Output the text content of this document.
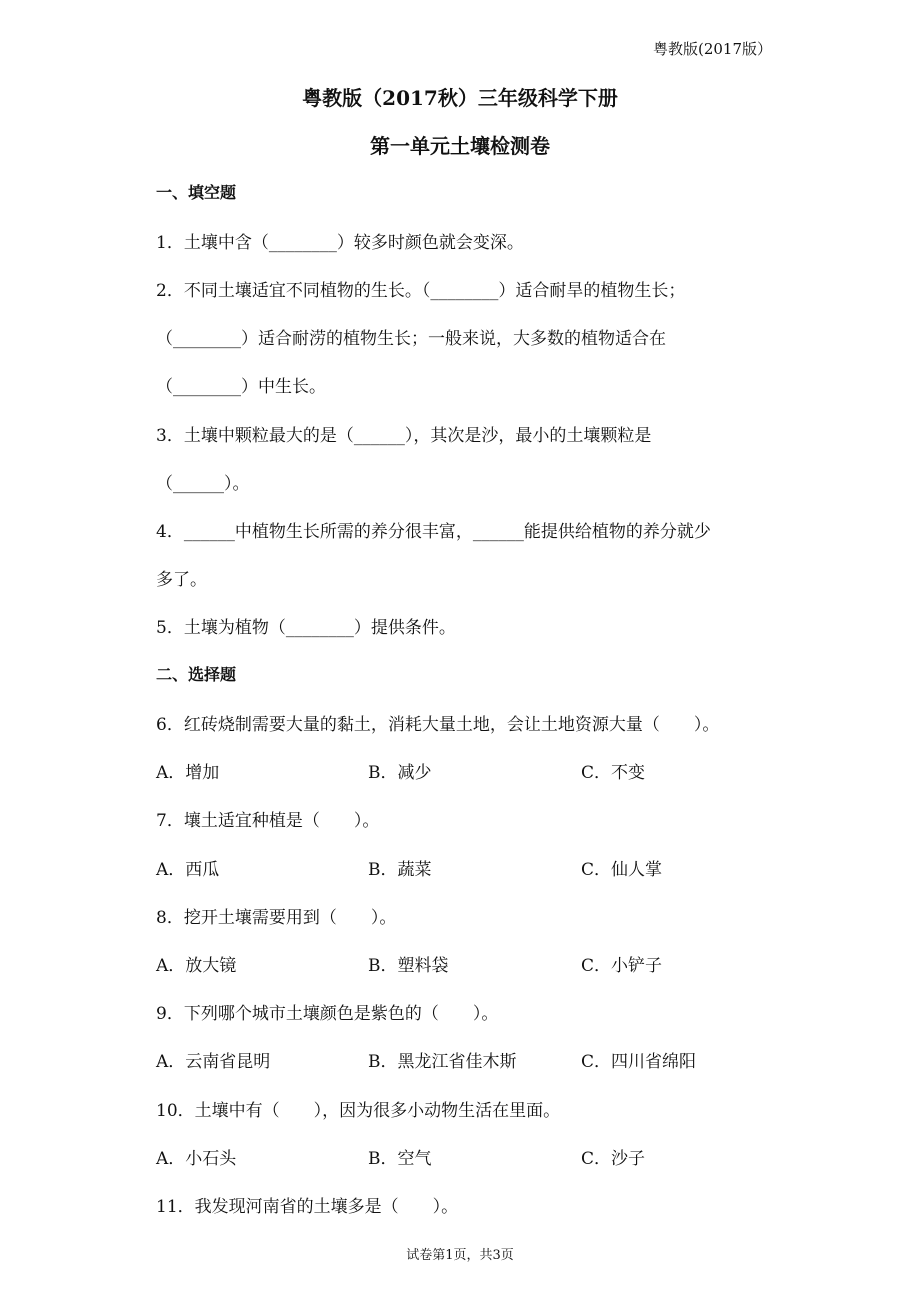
粤教版(2017版）
粤教版（2017秋）三年级科学下册
第一单元土壤检测卷
一、填空题
1．土壤中含（________）较多时颜色就会变深。
2．不同土壤适宜不同植物的生长。（________）适合耐旱的植物生长；
（________）适合耐涝的植物生长；一般来说，大多数的植物适合在
（________）中生长。
3．土壤中颗粒最大的是（______），其次是沙，最小的土壤颗粒是
（______）。
4．______中植物生长所需的养分很丰富，______能提供给植物的养分就少
多了。
5．土壤为植物（________）提供条件。
二、选择题
6．红砖烧制需要大量的黏土，消耗大量土地，会让土地资源大量（　　）。
A．增加	B．减少	C．不变
7．壤土适宜种植是（　　）。
A．西瓜	B．蔬菜	C．仙人掌
8．挖开土壤需要用到（　　）。
A．放大镜	B．塑料袋	C．小铲子
9．下列哪个城市土壤颜色是紫色的（　　）。
A．云南省昆明	B．黑龙江省佳木斯	C．四川省绵阳
10．土壤中有（　　），因为很多小动物生活在里面。
A．小石头	B．空气	C．沙子
11．我发现河南省的土壤多是（　　）。
试卷第1页，共3页
